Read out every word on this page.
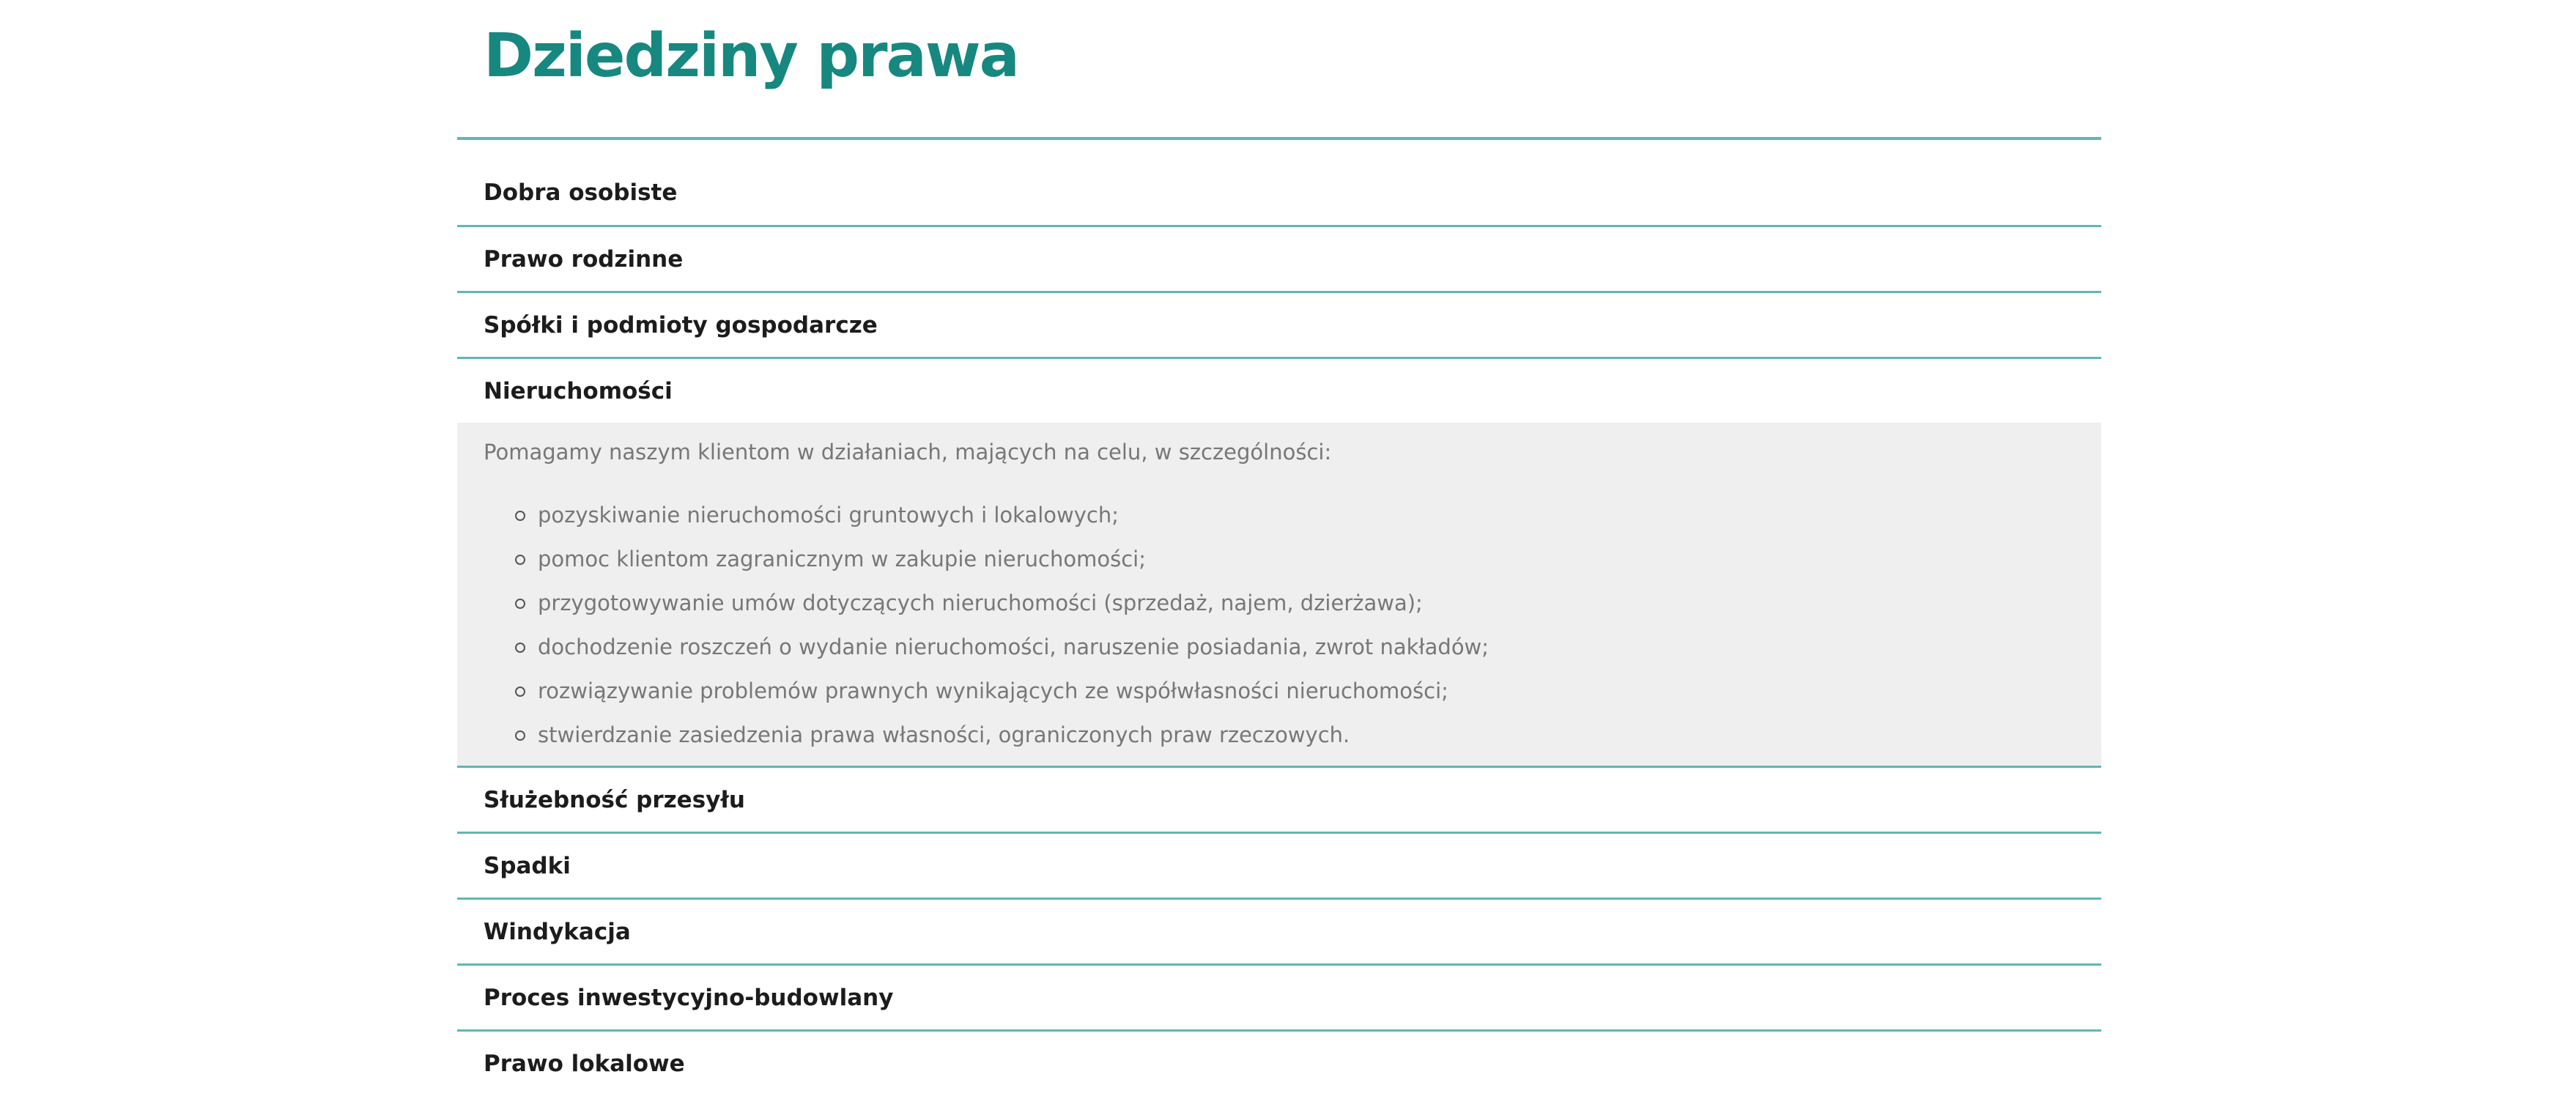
Dziedziny prawa
Dobra osobiste
Prawo rodzinne
Spółki i podmioty gospodarcze
Nieruchomości

Pomagamy naszym klientom w działaniach, mających na celu, w szczególności:

pozyskiwanie nieruchomości gruntowych i lokalowych;
pomoc klientom zagranicznym w zakupie nieruchomości;
przygotowywanie umów dotyczących nieruchomości (sprzedaż, najem, dzierżawa);
dochodzenie roszczeń o wydanie nieruchomości, naruszenie posiadania, zwrot nakładów;
rozwiązywanie problemów prawnych wynikających ze współwłasności nieruchomości;
stwierdzanie zasiedzenia prawa własności, ograniczonych praw rzeczowych.
Służebność przesyłu
Spadki
Windykacja
Proces inwestycyjno-budowlany
Prawo lokalowe
